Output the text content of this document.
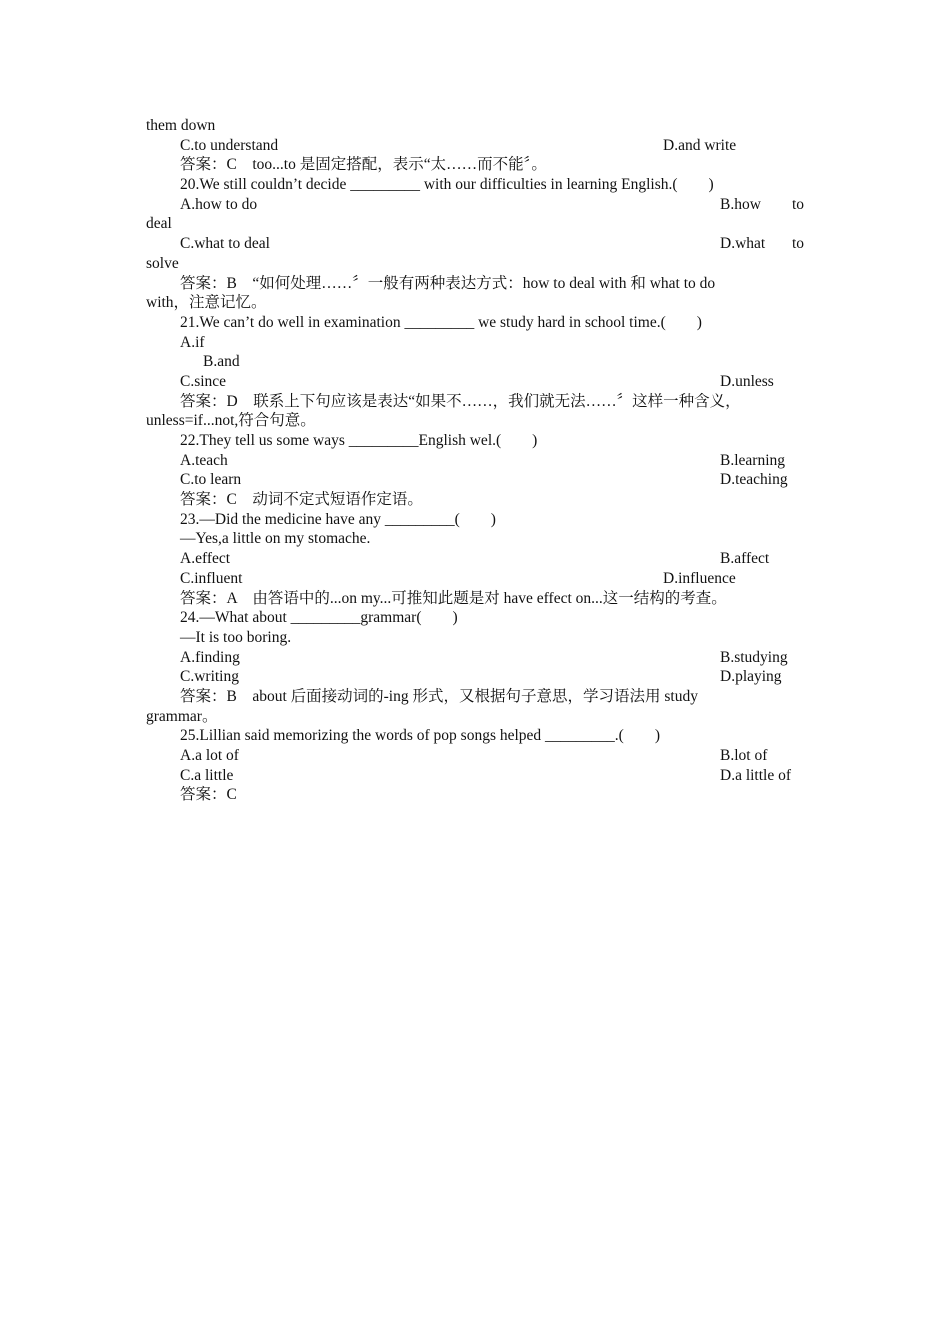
them down
C.to understand	D.and write
答案：C　too...to 是固定搭配，表示“太……而不能〞。
20.We still couldn’t decide _________ with our difficulties in learning English.(　　)
A.how to do	B.how to
deal
C.what to deal	D.what to
solve
答案：B　“如何处理……〞一般有两种表达方式：how to deal with 和 what to do
with，注意记忆。
21.We can’t do well in examination _________ we study hard in school time.(　　)
A.if
B.and
C.since	D.unless
答案：D　联系上下句应该是表达“如果不……，我们就无法……〞这样一种含义，
unless=if...not,符合句意。
22.They tell us some ways _________English wel.(　　)
A.teach	B.learning
C.to learn	D.teaching
答案：C　动词不定式短语作定语。
23.—Did the medicine have any _________(　　)
—Yes,a little on my stomache.
A.effect	B.affect
C.influent	D.influence
答案：A　由答语中的...on my...可推知此题是对 have effect on...这一结构的考查。
24.—What about _________grammar(　　)
—It is too boring.
A.finding	B.studying
C.writing	D.playing
答案：B　about 后面接动词的-ing 形式，又根据句子意思，学习语法用 study
grammar。
25.Lillian said memorizing the words of pop songs helped _________.(　　)
A.a lot of	B.lot of
C.a little	D.a little of
答案：C
